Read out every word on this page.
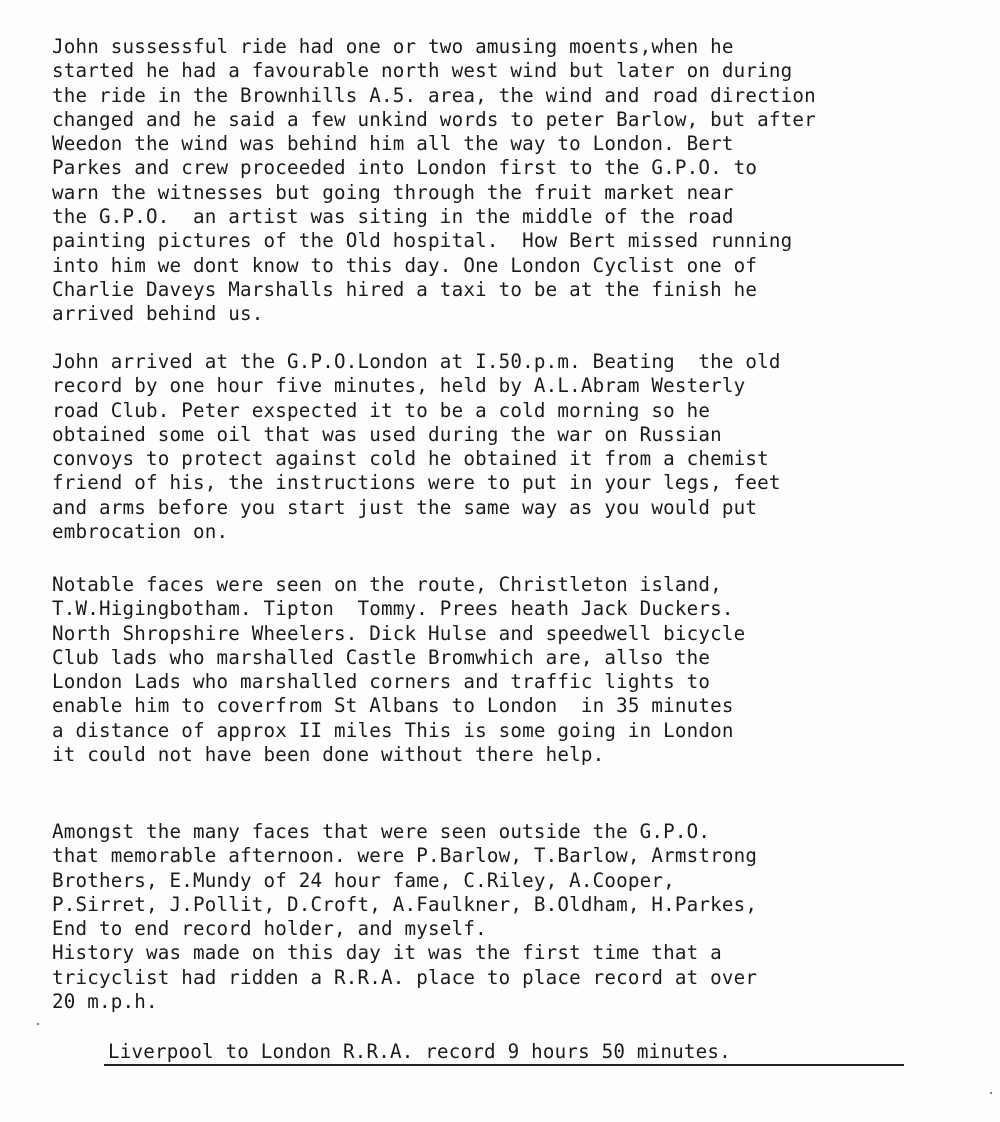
John sussessful ride had one or two amusing moents,when he
started he had a favourable north west wind but later on during
the ride in the Brownhills A.5. area, the wind and road direction
changed and he said a few unkind words to peter Barlow, but after
Weedon the wind was behind him all the way to London. Bert
Parkes and crew proceeded into London first to the G.P.O. to
warn the witnesses but going through the fruit market near
the G.P.O.  an artist was siting in the middle of the road
painting pictures of the Old hospital.  How Bert missed running
into him we dont know to this day. One London Cyclist one of
Charlie Daveys Marshalls hired a taxi to be at the finish he
arrived behind us.
John arrived at the G.P.O.London at I.50.p.m. Beating  the old
record by one hour five minutes, held by A.L.Abram Westerly
road Club. Peter exspected it to be a cold morning so he
obtained some oil that was used during the war on Russian
convoys to protect against cold he obtained it from a chemist
friend of his, the instructions were to put in your legs, feet
and arms before you start just the same way as you would put
embrocation on.
Notable faces were seen on the route, Christleton island,
T.W.Higingbotham. Tipton  Tommy. Prees heath Jack Duckers.
North Shropshire Wheelers. Dick Hulse and speedwell bicycle
Club lads who marshalled Castle Bromwhich are, allso the
London Lads who marshalled corners and traffic lights to
enable him to coverfrom St Albans to London  in 35 minutes
a distance of approx II miles This is some going in London
it could not have been done without there help.
Amongst the many faces that were seen outside the G.P.O.
that memorable afternoon. were P.Barlow, T.Barlow, Armstrong
Brothers, E.Mundy of 24 hour fame, C.Riley, A.Cooper,
P.Sirret, J.Pollit, D.Croft, A.Faulkner, B.Oldham, H.Parkes,
End to end record holder, and myself.
History was made on this day it was the first time that a
tricyclist had ridden a R.R.A. place to place record at over
20 m.p.h.

Liverpool to London R.R.A. record 9 hours 50 minutes.
